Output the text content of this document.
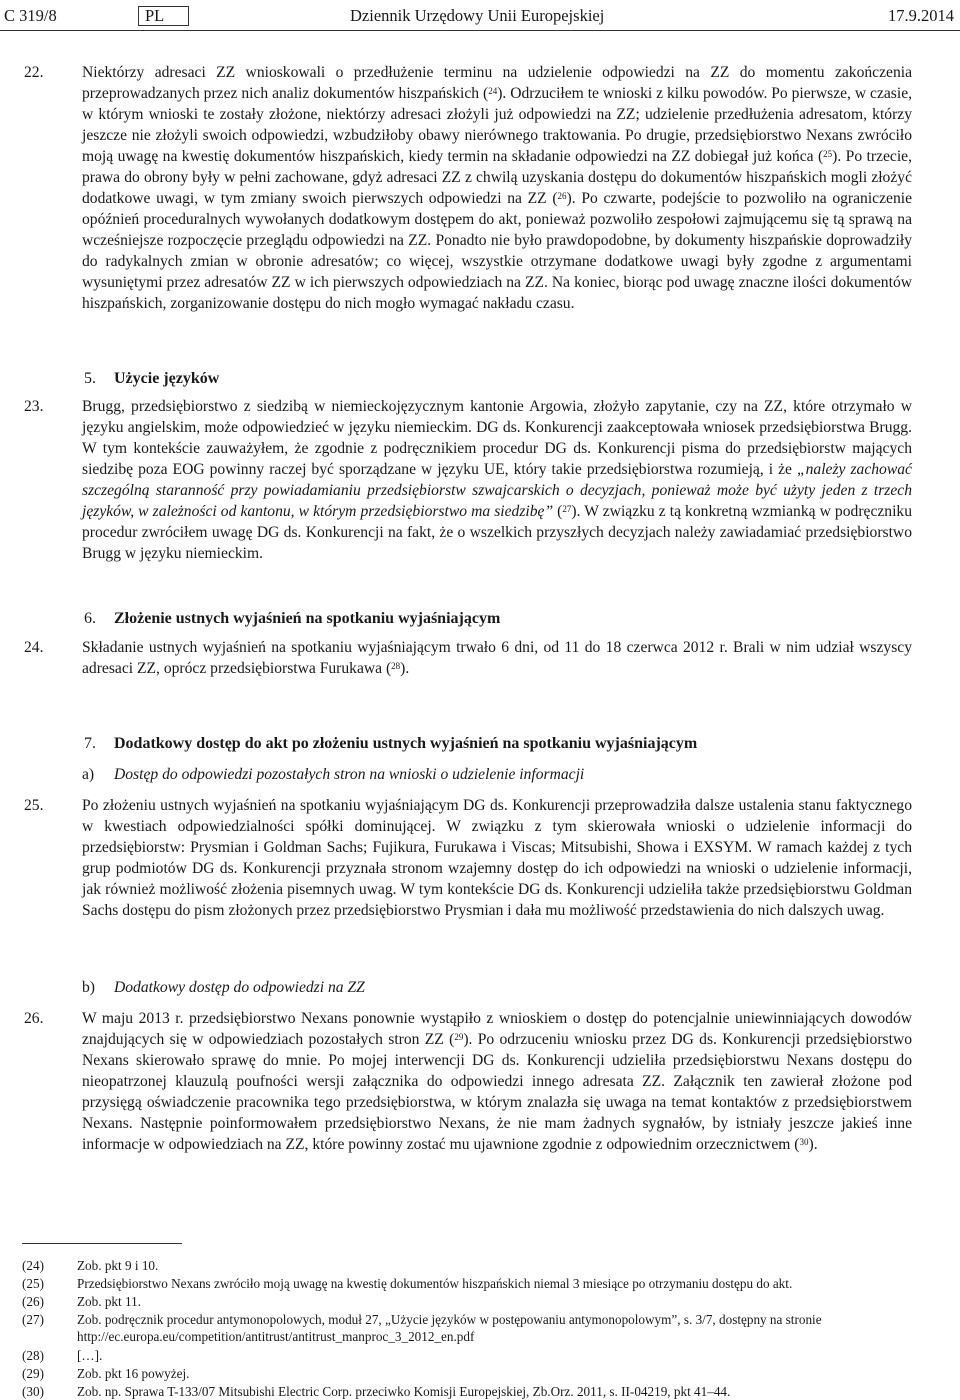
C 319/8	PL	Dziennik Urzędowy Unii Europejskiej	17.9.2014

22. Niektórzy adresaci ZZ wnioskowali o przedłużenie terminu na udzielenie odpowiedzi na ZZ do momentu zakończenia przeprowadzanych przez nich analiz dokumentów hiszpańskich ($^{24}$). Odrzuciłem te wnioski z kilku powodów. Po pierwsze, w czasie, w którym wnioski te zostały złożone, niektórzy adresaci złożyli już odpowiedzi na ZZ; udzielenie przedłużenia adresatom, którzy jeszcze nie złożyli swoich odpowiedzi, wzbudziłoby obawy nierównego traktowania. Po drugie, przedsiębiorstwo Nexans zwróciło moją uwagę na kwestię dokumentów hiszpańskich, kiedy termin na składanie odpowiedzi na ZZ dobiegał już końca ($^{25}$). Po trzecie, prawa do obrony były w pełni zachowane, gdyż adresaci ZZ z chwilą uzyskania dostępu do dokumentów hiszpańskich mogli złożyć dodatkowe uwagi, w tym zmiany swoich pierwszych odpowiedzi na ZZ ($^{26}$). Po czwarte, podejście to pozwoliło na ograniczenie opóźnień proceduralnych wywołanych dodatkowym dostępem do akt, ponieważ pozwoliło zespołowi zajmującemu się tą sprawą na wcześniejsze rozpoczęcie przeglądu odpowiedzi na ZZ. Ponadto nie było prawdopodobne, by dokumenty hiszpańskie doprowadziły do radykalnych zmian w obronie adresatów; co więcej, wszystkie otrzymane dodatkowe uwagi były zgodne z argumentami wysuniętymi przez adresatów ZZ w ich pierwszych odpowiedziach na ZZ. Na koniec, biorąc pod uwagę znaczne ilości dokumentów hiszpańskich, zorganizowanie dostępu do nich mogło wymagać nakładu czasu.

5. Użycie języków

23. Brugg, przedsiębiorstwo z siedzibą w niemieckojęzycznym kantonie Argowia, złożyło zapytanie, czy na ZZ, które otrzymało w języku angielskim, może odpowiedzieć w języku niemieckim. DG ds. Konkurencji zaakceptowała wniosek przedsiębiorstwa Brugg. W tym kontekście zauważyłem, że zgodnie z podręcznikiem procedur DG ds. Konkurencji pisma do przedsiębiorstw mających siedzibę poza EOG powinny raczej być sporządzane w języku UE, który takie przedsiębiorstwa rozumieją, i że „należy zachować szczególną staranność przy powiadamianiu przedsiębiorstw szwajcarskich o decyzjach, ponieważ może być użyty jeden z trzech języków, w zależności od kantonu, w którym przedsiębiorstwo ma siedzibę” ($^{27}$). W związku z tą konkretną wzmianką w podręczniku procedur zwróciłem uwagę DG ds. Konkurencji na fakt, że o wszelkich przyszłych decyzjach należy zawiadamiać przedsiębiorstwo Brugg w języku niemieckim.

6. Złożenie ustnych wyjaśnień na spotkaniu wyjaśniającym

24. Składanie ustnych wyjaśnień na spotkaniu wyjaśniającym trwało 6 dni, od 11 do 18 czerwca 2012 r. Brali w nim udział wszyscy adresaci ZZ, oprócz przedsiębiorstwa Furukawa ($^{28}$).

7. Dodatkowy dostęp do akt po złożeniu ustnych wyjaśnień na spotkaniu wyjaśniającym

a) Dostęp do odpowiedzi pozostałych stron na wnioski o udzielenie informacji

25. Po złożeniu ustnych wyjaśnień na spotkaniu wyjaśniającym DG ds. Konkurencji przeprowadziła dalsze ustalenia stanu faktycznego w kwestiach odpowiedzialności spółki dominującej. W związku z tym skierowała wnioski o udzielenie informacji do przedsiębiorstw: Prysmian i Goldman Sachs; Fujikura, Furukawa i Viscas; Mitsubishi, Showa i EXSYM. W ramach każdej z tych grup podmiotów DG ds. Konkurencji przyznała stronom wzajemny dostęp do ich odpowiedzi na wnioski o udzielenie informacji, jak również możliwość złożenia pisemnych uwag. W tym kontekście DG ds. Konkurencji udzieliła także przedsiębiorstwu Goldman Sachs dostępu do pism złożonych przez przedsiębiorstwo Prysmian i dała mu możliwość przedstawienia do nich dalszych uwag.

b) Dodatkowy dostęp do odpowiedzi na ZZ

26. W maju 2013 r. przedsiębiorstwo Nexans ponownie wystąpiło z wnioskiem o dostęp do potencjalnie uniewinniających dowodów znajdujących się w odpowiedziach pozostałych stron ZZ ($^{29}$). Po odrzuceniu wniosku przez DG ds. Konkurencji przedsiębiorstwo Nexans skierowało sprawę do mnie. Po mojej interwencji DG ds. Konkurencji udzieliła przedsiębiorstwu Nexans dostępu do nieopatrzonej klauzulą poufności wersji załącznika do odpowiedzi innego adresata ZZ. Załącznik ten zawierał złożone pod przysięgą oświadczenie pracownika tego przedsiębiorstwa, w którym znalazła się uwaga na temat kontaktów z przedsiębiorstwem Nexans. Następnie poinformowałem przedsiębiorstwo Nexans, że nie mam żadnych sygnałów, by istniały jeszcze jakieś inne informacje w odpowiedziach na ZZ, które powinny zostać mu ujawnione zgodnie z odpowiednim orzecznictwem ($^{30}$).

(24)	Zob. pkt 9 i 10.
(25)	Przedsiębiorstwo Nexans zwróciło moją uwagę na kwestię dokumentów hiszpańskich niemal 3 miesiące po otrzymaniu dostępu do akt.
(26)	Zob. pkt 11.
(27)	Zob. podręcznik procedur antymonopolowych, moduł 27, „Użycie języków w postępowaniu antymonopolowym”, s. 3/7, dostępny na stronie http://ec.europa.eu/competition/antitrust/antitrust_manproc_3_2012_en.pdf
(28)	[…].
(29)	Zob. pkt 16 powyżej.
(30)	Zob. np. Sprawa T-133/07 Mitsubishi Electric Corp. przeciwko Komisji Europejskiej, Zb.Orz. 2011, s. II-04219, pkt 41–44.
